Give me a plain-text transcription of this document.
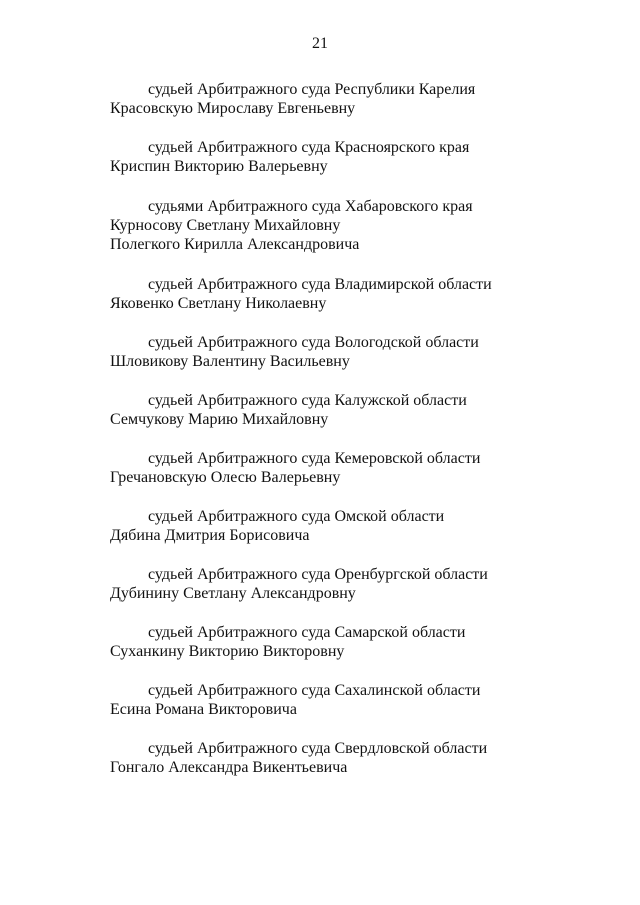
21
судьей Арбитражного суда Республики Карелия
Красовскую Мирославу Евгеньевну
судьей Арбитражного суда Красноярского края
Криспин Викторию Валерьевну
судьями Арбитражного суда Хабаровского края
Курносову Светлану Михайловну
Полегкого Кирилла Александровича
судьей Арбитражного суда Владимирской области
Яковенко Светлану Николаевну
судьей Арбитражного суда Вологодской области
Шловикову Валентину Васильевну
судьей Арбитражного суда Калужской области
Семчукову Марию Михайловну
судьей Арбитражного суда Кемеровской области
Гречановскую Олесю Валерьевну
судьей Арбитражного суда Омской области
Дябина Дмитрия Борисовича
судьей Арбитражного суда Оренбургской области
Дубинину Светлану Александровну
судьей Арбитражного суда Самарской области
Суханкину Викторию Викторовну
судьей Арбитражного суда Сахалинской области
Есина Романа Викторовича
судьей Арбитражного суда Свердловской области
Гонгало Александра Викентьевича
